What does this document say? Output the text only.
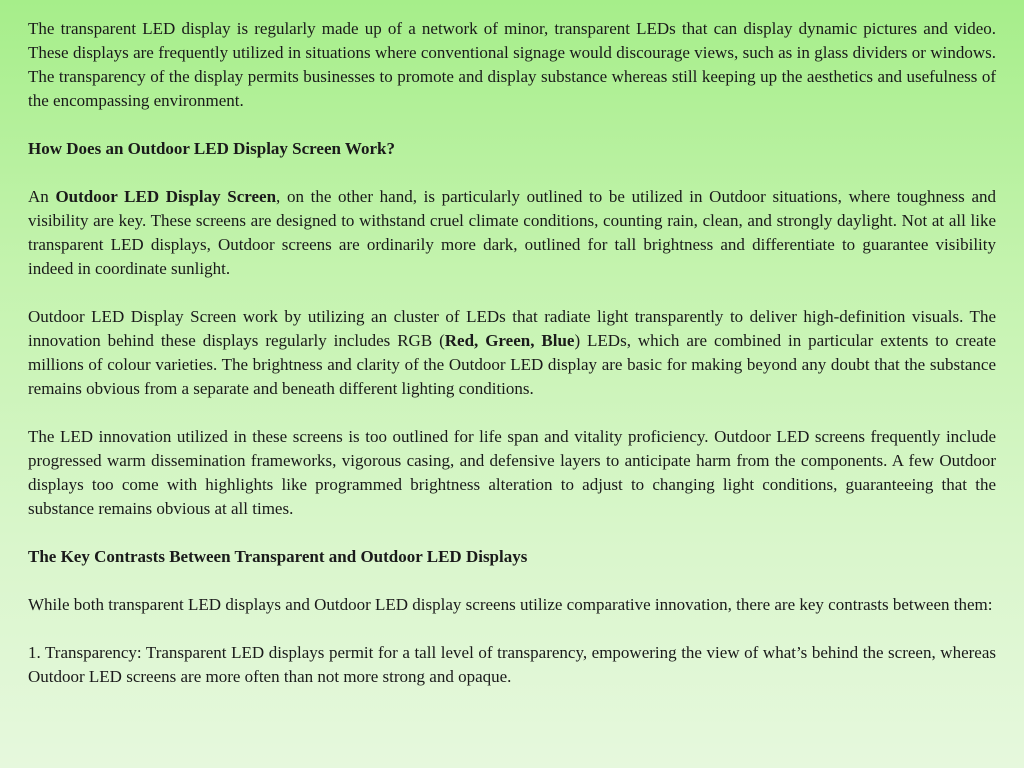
The transparent LED display is regularly made up of a network of minor, transparent LEDs that can display dynamic pictures and video. These displays are frequently utilized in situations where conventional signage would discourage views, such as in glass dividers or windows. The transparency of the display permits businesses to promote and display substance whereas still keeping up the aesthetics and usefulness of the encompassing environment.

How Does an Outdoor LED Display Screen Work?

An Outdoor LED Display Screen, on the other hand, is particularly outlined to be utilized in Outdoor situations, where toughness and visibility are key. These screens are designed to withstand cruel climate conditions, counting rain, clean, and strongly daylight. Not at all like transparent LED displays, Outdoor screens are ordinarily more dark, outlined for tall brightness and differentiate to guarantee visibility indeed in coordinate sunlight.

Outdoor LED Display Screen work by utilizing an cluster of LEDs that radiate light transparently to deliver high-definition visuals. The innovation behind these displays regularly includes RGB (Red, Green, Blue) LEDs, which are combined in particular extents to create millions of colour varieties. The brightness and clarity of the Outdoor LED display are basic for making beyond any doubt that the substance remains obvious from a separate and beneath different lighting conditions.

The LED innovation utilized in these screens is too outlined for life span and vitality proficiency. Outdoor LED screens frequently include progressed warm dissemination frameworks, vigorous casing, and defensive layers to anticipate harm from the components. A few Outdoor displays too come with highlights like programmed brightness alteration to adjust to changing light conditions, guaranteeing that the substance remains obvious at all times.

The Key Contrasts Between Transparent and Outdoor LED Displays

While both transparent LED displays and Outdoor LED display screens utilize comparative innovation, there are key contrasts between them:

1. Transparency: Transparent LED displays permit for a tall level of transparency, empowering the view of what’s behind the screen, whereas Outdoor LED screens are more often than not more strong and opaque.
